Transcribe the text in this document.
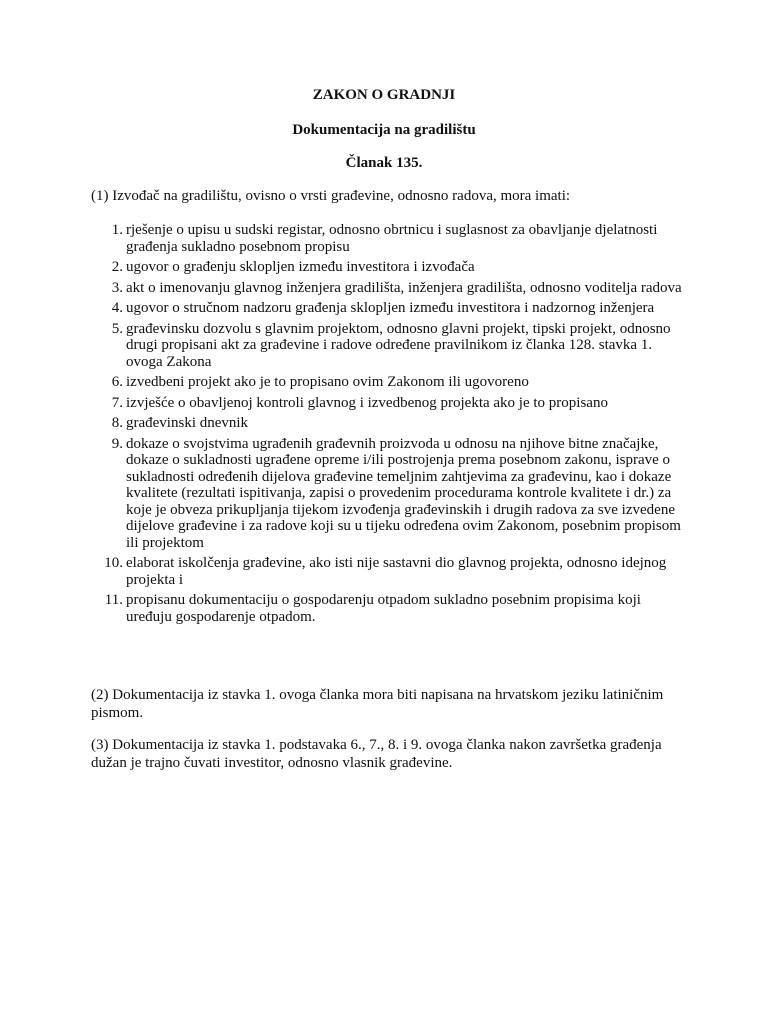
ZAKON O GRADNJI
Dokumentacija na gradilištu
Članak 135.

(1) Izvođač na gradilištu, ovisno o vrsti građevine, odnosno radova, mora imati:

1. rješenje o upisu u sudski registar, odnosno obrtnicu i suglasnost za obavljanje djelatnosti građenja sukladno posebnom propisu
2. ugovor o građenju sklopljen između investitora i izvođača
3. akt o imenovanju glavnog inženjera gradilišta, inženjera gradilišta, odnosno voditelja radova
4. ugovor o stručnom nadzoru građenja sklopljen između investitora i nadzornog inženjera
5. građevinsku dozvolu s glavnim projektom, odnosno glavni projekt, tipski projekt, odnosno drugi propisani akt za građevine i radove određene pravilnikom iz članka 128. stavka 1. ovoga Zakona
6. izvedbeni projekt ako je to propisano ovim Zakonom ili ugovoreno
7. izvješće o obavljenoj kontroli glavnog i izvedbenog projekta ako je to propisano
8. građevinski dnevnik
9. dokaze o svojstvima ugrađenih građevnih proizvoda u odnosu na njihove bitne značajke, dokaze o sukladnosti ugrađene opreme i/ili postrojenja prema posebnom zakonu, isprave o sukladnosti određenih dijelova građevine temeljnim zahtjevima za građevinu, kao i dokaze kvalitete (rezultati ispitivanja, zapisi o provedenim procedurama kontrole kvalitete i dr.) za koje je obveza prikupljanja tijekom izvođenja građevinskih i drugih radova za sve izvedene dijelove građevine i za radove koji su u tijeku određena ovim Zakonom, posebnim propisom ili projektom
10. elaborat iskolčenja građevine, ako isti nije sastavni dio glavnog projekta, odnosno idejnog projekta i
11. propisanu dokumentaciju o gospodarenju otpadom sukladno posebnim propisima koji uređuju gospodarenje otpadom.

(2) Dokumentacija iz stavka 1. ovoga članka mora biti napisana na hrvatskom jeziku latiničnim pismom.

(3) Dokumentacija iz stavka 1. podstavaka 6., 7., 8. i 9. ovoga članka nakon završetka građenja dužan je trajno čuvati investitor, odnosno vlasnik građevine.
